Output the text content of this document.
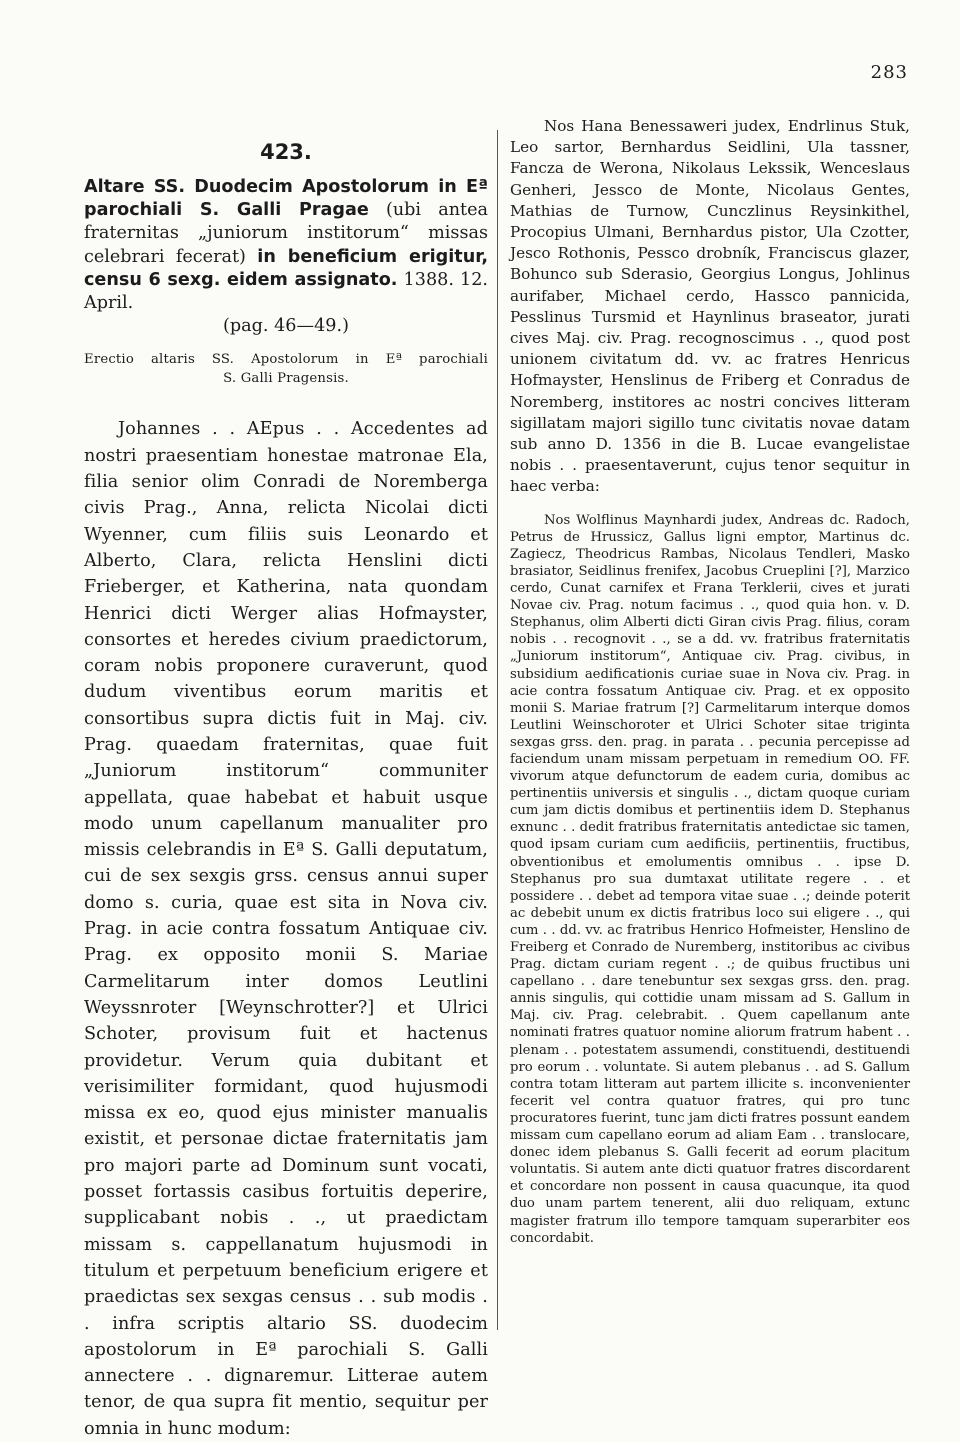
283
423.

Altare SS. Duodecim Apostolorum in Eª parochiali S. Galli Pragae (ubi antea fraternitas „juniorum institorum“ missas celebrari fecerat) in beneficium erigitur, censu 6 sexg. eidem assignato. 1388. 12. April.

(pag. 46—49.)

Erectio altaris SS. Apostolorum in Eª parochiali
S. Galli Pragensis.

Johannes . . AEpus . . Accedentes ad nostri praesentiam honestae matronae Ela, filia senior olim Conradi de Noremberga civis Prag., Anna, relicta Nicolai dicti Wyenner, cum filiis suis Leonardo et Alberto, Clara, relicta Henslini dicti Frieberger, et Katherina, nata quondam Henrici dicti Werger alias Hofmayster, consortes et heredes civium praedictorum, coram nobis proponere curaverunt, quod dudum viventibus eorum maritis et consortibus supra dictis fuit in Maj. civ. Prag. quaedam fraternitas, quae fuit „Juniorum institorum“ communiter appellata, quae habebat et habuit usque modo unum capellanum manualiter pro missis celebrandis in Eª S. Galli deputatum, cui de sex sexgis grss. census annui super domo s. curia, quae est sita in Nova civ. Prag. in acie contra fossatum Antiquae civ. Prag. ex opposito monii S. Mariae Carmelitarum inter domos Leutlini Weyssnroter [Weynschrotter?] et Ulrici Schoter, provisum fuit et hactenus providetur. Verum quia dubitant et verisimiliter formidant, quod hujusmodi missa ex eo, quod ejus minister manualis existit, et personae dictae fraternitatis jam pro majori parte ad Dominum sunt vocati, posset fortassis casibus fortuitis deperire, supplicabant nobis . ., ut praedictam missam s. cappellanatum hujusmodi in titulum et perpetuum beneficium erigere et praedictas sex sexgas census . . sub modis . . infra scriptis altario SS. duodecim apostolorum in Eª parochiali S. Galli annectere . . dignaremur. Litterae autem tenor, de qua supra fit mentio, sequitur per omnia in hunc modum:

Nos Hana Benessaweri judex, Endrlinus Stuk, Leo sartor, Bernhardus Seidlini, Ula tassner, Fancza de Werona, Nikolaus Lekssik, Wenceslaus Genheri, Jessco de Monte, Nicolaus Gentes, Mathias de Turnow, Cunczlinus Reysinkithel, Procopius Ulmani, Bernhardus pistor, Ula Czotter, Jesco Rothonis, Pessco drobník, Franciscus glazer, Bohunco sub Sderasio, Georgius Longus, Johlinus aurifaber, Michael cerdo, Hassco pannicida, Pesslinus Tursmid et Haynlinus braseator, jurati cives Maj. civ. Prag. recognoscimus . ., quod post unionem civitatum dd. vv. ac fratres Henricus Hofmayster, Henslinus de Friberg et Conradus de Noremberg, institores ac nostri concives litteram sigillatam majori sigillo tunc civitatis novae datam sub anno D. 1356 in die B. Lucae evangelistae nobis . . praesentaverunt, cujus tenor sequitur in haec verba:

Nos Wolflinus Maynhardi judex, Andreas dc. Radoch, Petrus de Hrussicz, Gallus ligni emptor, Martinus dc. Zagiecz, Theodricus Rambas, Nicolaus Tendleri, Masko brasiator, Seidlinus frenifex, Jacobus Crueplini [?], Marzico cerdo, Cunat carnifex et Frana Terklerii, cives et jurati Novae civ. Prag. notum facimus . ., quod quia hon. v. D. Stephanus, olim Alberti dicti Giran civis Prag. filius, coram nobis . . recognovit . ., se a dd. vv. fratribus fraternitatis „Juniorum institorum“, Antiquae civ. Prag. civibus, in subsidium aedificationis curiae suae in Nova civ. Prag. in acie contra fossatum Antiquae civ. Prag. et ex opposito monii S. Mariae fratrum [?] Carmelitarum interque domos Leutlini Weinschoroter et Ulrici Schoter sitae triginta sexgas grss. den. prag. in parata . . pecunia percepisse ad faciendum unam missam perpetuam in remedium OO. FF. vivorum atque defunctorum de eadem curia, domibus ac pertinentiis universis et singulis . ., dictam quoque curiam cum jam dictis domibus et pertinentiis idem D. Stephanus exnunc . . dedit fratribus fraternitatis antedictae sic tamen, quod ipsam curiam cum aedificiis, pertinentiis, fructibus, obventionibus et emolumentis omnibus . . ipse D. Stephanus pro sua dumtaxat utilitate regere . . et possidere . . debet ad tempora vitae suae . .; deinde poterit ac debebit unum ex dictis fratribus loco sui eligere . ., qui cum . . dd. vv. ac fratribus Henrico Hofmeister, Henslino de Freiberg et Conrado de Nuremberg, institoribus ac civibus Prag. dictam curiam regent . .; de quibus fructibus uni capellano . . dare tenebuntur sex sexgas grss. den. prag. annis singulis, qui cottidie unam missam ad S. Gallum in Maj. civ. Prag. celebrabit. . Quem capellanum ante nominati fratres quatuor nomine aliorum fratrum habent . . plenam . . potestatem assumendi, constituendi, destituendi pro eorum . . voluntate. Si autem plebanus . . ad S. Gallum contra totam litteram aut partem illicite s. inconvenienter fecerit vel contra quatuor fratres, qui pro tunc procuratores fuerint, tunc jam dicti fratres possunt eandem missam cum capellano eorum ad aliam Eam . . translocare, donec idem plebanus S. Galli fecerit ad eorum placitum voluntatis. Si autem ante dicti quatuor fratres discordarent et concordare non possent in causa quacunque, ita quod duo unam partem tenerent, alii duo reliquam, extunc magister fratrum illo tempore tamquam superarbiter eos concordabit.
